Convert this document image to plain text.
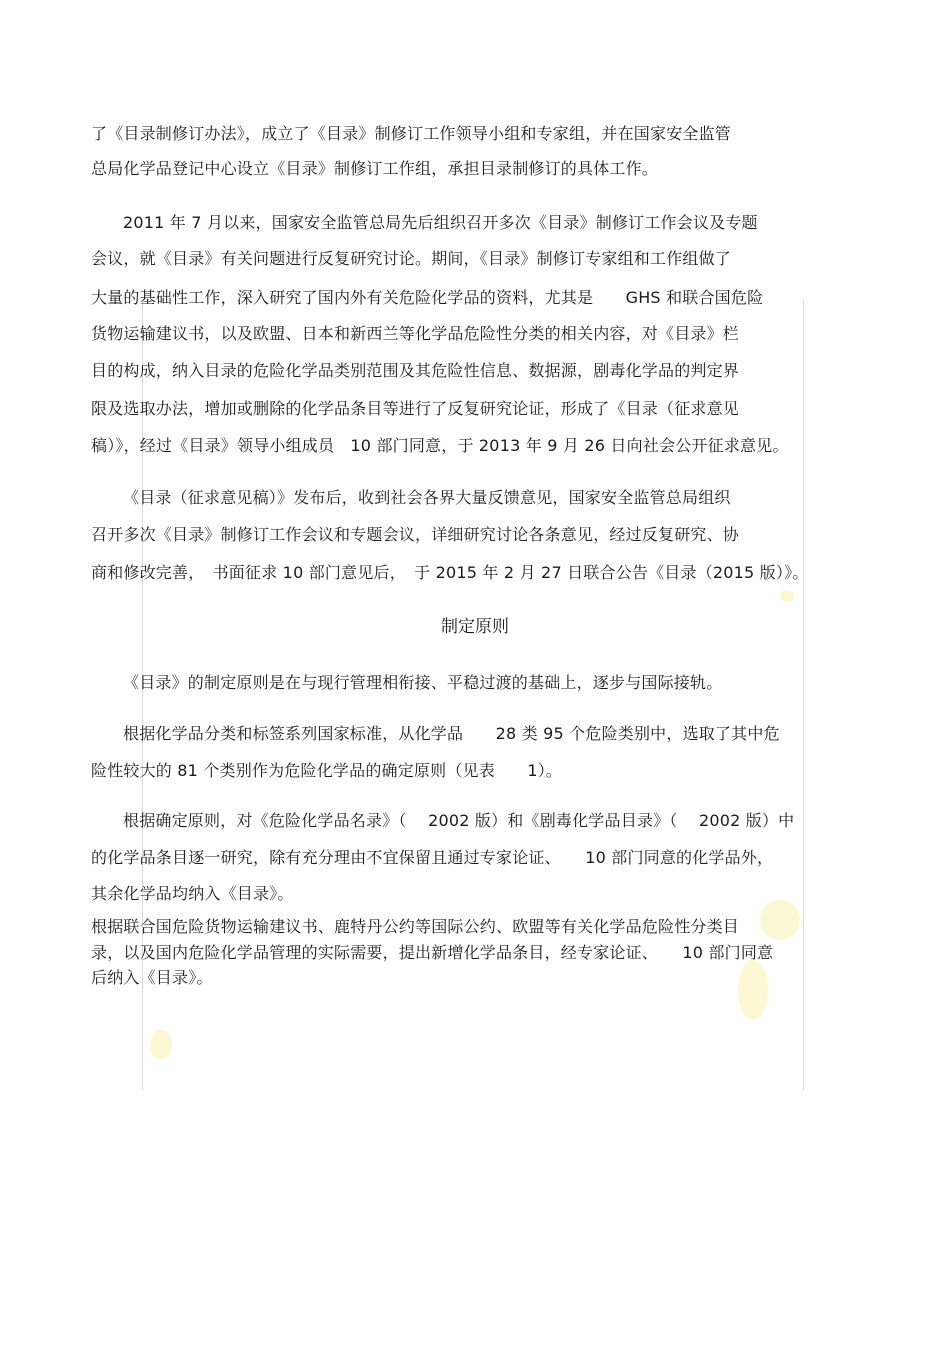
了《目录制修订办法》，成立了《目录》制修订工作领导小组和专家组，并在国家安全监管
总局化学品登记中心设立《目录》制修订工作组，承担目录制修订的具体工作。
2011 年 7 月以来，国家安全监管总局先后组织召开多次《目录》制修订工作会议及专题
会议，就《目录》有关问题进行反复研究讨论。期间，《目录》制修订专家组和工作组做了
大量的基础性工作，深入研究了国内外有关危险化学品的资料，尤其是　　GHS 和联合国危险
货物运输建议书，以及欧盟、日本和新西兰等化学品危险性分类的相关内容，对《目录》栏
目的构成，纳入目录的危险化学品类别范围及其危险性信息、数据源，剧毒化学品的判定界
限及选取办法，增加或删除的化学品条目等进行了反复研究论证，形成了《目录（征求意见
稿）》，经过《目录》领导小组成员　10 部门同意，于 2013 年 9 月 26 日向社会公开征求意见。
《目录（征求意见稿）》发布后，收到社会各界大量反馈意见，国家安全监管总局组织
召开多次《目录》制修订工作会议和专题会议，详细研究讨论各条意见，经过反复研究、协
商和修改完善，　书面征求 10 部门意见后，　于 2015 年 2 月 27 日联合公告《目录（2015 版）》。
制定原则
《目录》的制定原则是在与现行管理相衔接、平稳过渡的基础上，逐步与国际接轨。
根据化学品分类和标签系列国家标准，从化学品　　28 类 95 个危险类别中，选取了其中危
险性较大的 81 个类别作为危险化学品的确定原则（见表　　1）。
根据确定原则，对《危险化学品名录》（　 2002 版）和《剧毒化学品目录》（　 2002 版）中
的化学品条目逐一研究，除有充分理由不宜保留且通过专家论证、　　10 部门同意的化学品外，
其余化学品均纳入《目录》。
根据联合国危险货物运输建议书、鹿特丹公约等国际公约、欧盟等有关化学品危险性分类目
录，以及国内危险化学品管理的实际需要，提出新增化学品条目，经专家论证、　　10 部门同意
后纳入《目录》。
